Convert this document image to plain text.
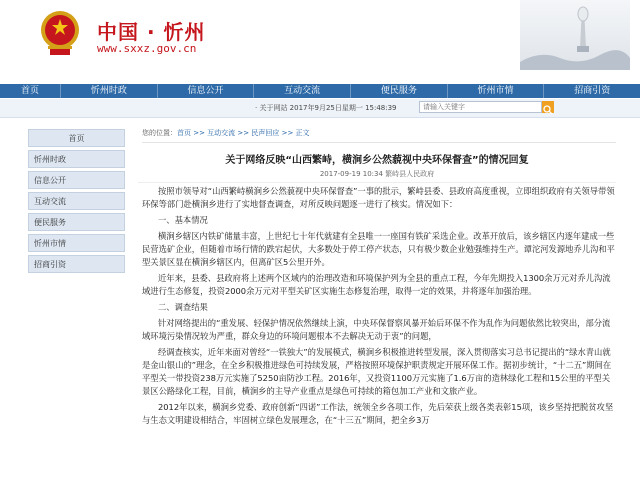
中国 · 忻州
www.sxxz.gov.cn
首页	忻州时政	信息公开	互动交流	便民服务	忻州市情	招商引资
· 关于网站 2017年9月25日星期一 15:48:39
请输入关键字
首页
忻州时政
信息公开
互动交流
便民服务
忻州市情
招商引资
您的位置：首页 >> 互动交流 >> 民声回应 >> 正文
关于网络反映“山西繁峙，横涧乡公然藐视中央环保督查”的情况回复
2017-09-19 10:34 繁峙县人民政府

按照市领导对“山西繁峙横涧乡公然藐视中央环保督查”一事的批示，繁峙县委、县政府高度重视，立即组织政府有关领导带领环保等部门赴横涧乡进行了实地督查调查，对所反映问题逐一进行了核实。情况如下：

一、基本情况

横涧乡辖区内铁矿储量丰富，上世纪七十年代就建有全县唯一一座国有铁矿采选企业。改革开放后，该乡辖区内逐年建成一些民营选矿企业，但随着市场行情的跌宕起伏，大多数处于停工停产状态，只有极少数企业勉强维持生产。谭沱河发源地乔儿沟和平型关景区显在横涧乡辖区内，但离矿区5公里开外。

近年来，县委、县政府将上述两个区域内的治理改造和环境保护列为全县的重点工程，今年先期投入1300余万元对乔儿沟流域进行生态修复，投资2000余万元对平型关矿区实施生态修复治理，取得一定的效果，并将逐年加强治理。

二、调查结果

针对网络提出的“重发展、轻保护情况依然继续上演，中央环保督察风暴开始后环保不作为乱作为问题依然比较突出，部分流域环境污染情况较为严重，群众身边的环境问题根本不去解决无动于衷”的问题，

经调查核实，近年来面对曾经“一铁独大”的发展模式，横涧乡积极推进转型发展，深入贯彻落实习总书记提出的“绿水青山就是金山银山的”理念，在全乡积极推进绿色可持续发展，严格按照环境保护职责规定开展环保工作。据初步统计，“十二五”期间在平型关一带投资238万元实施了5250亩防沙工程。2016年，又投资1100万元实施了1.6万亩的造林绿化工程和15公里的平型关景区公路绿化工程，目前，横涧乡的主导产业重点是绿色可持续的箱包加工产业和文旅产业。

2012年以来，横涧乡党委、政府创新“四诺”工作法，统领全乡各项工作，先后荣获上级各类表彰15项，该乡坚持把脱贫攻坚与生态文明建设相结合，牢固树立绿色发展理念，在“十三五”期间，把全乡3万
